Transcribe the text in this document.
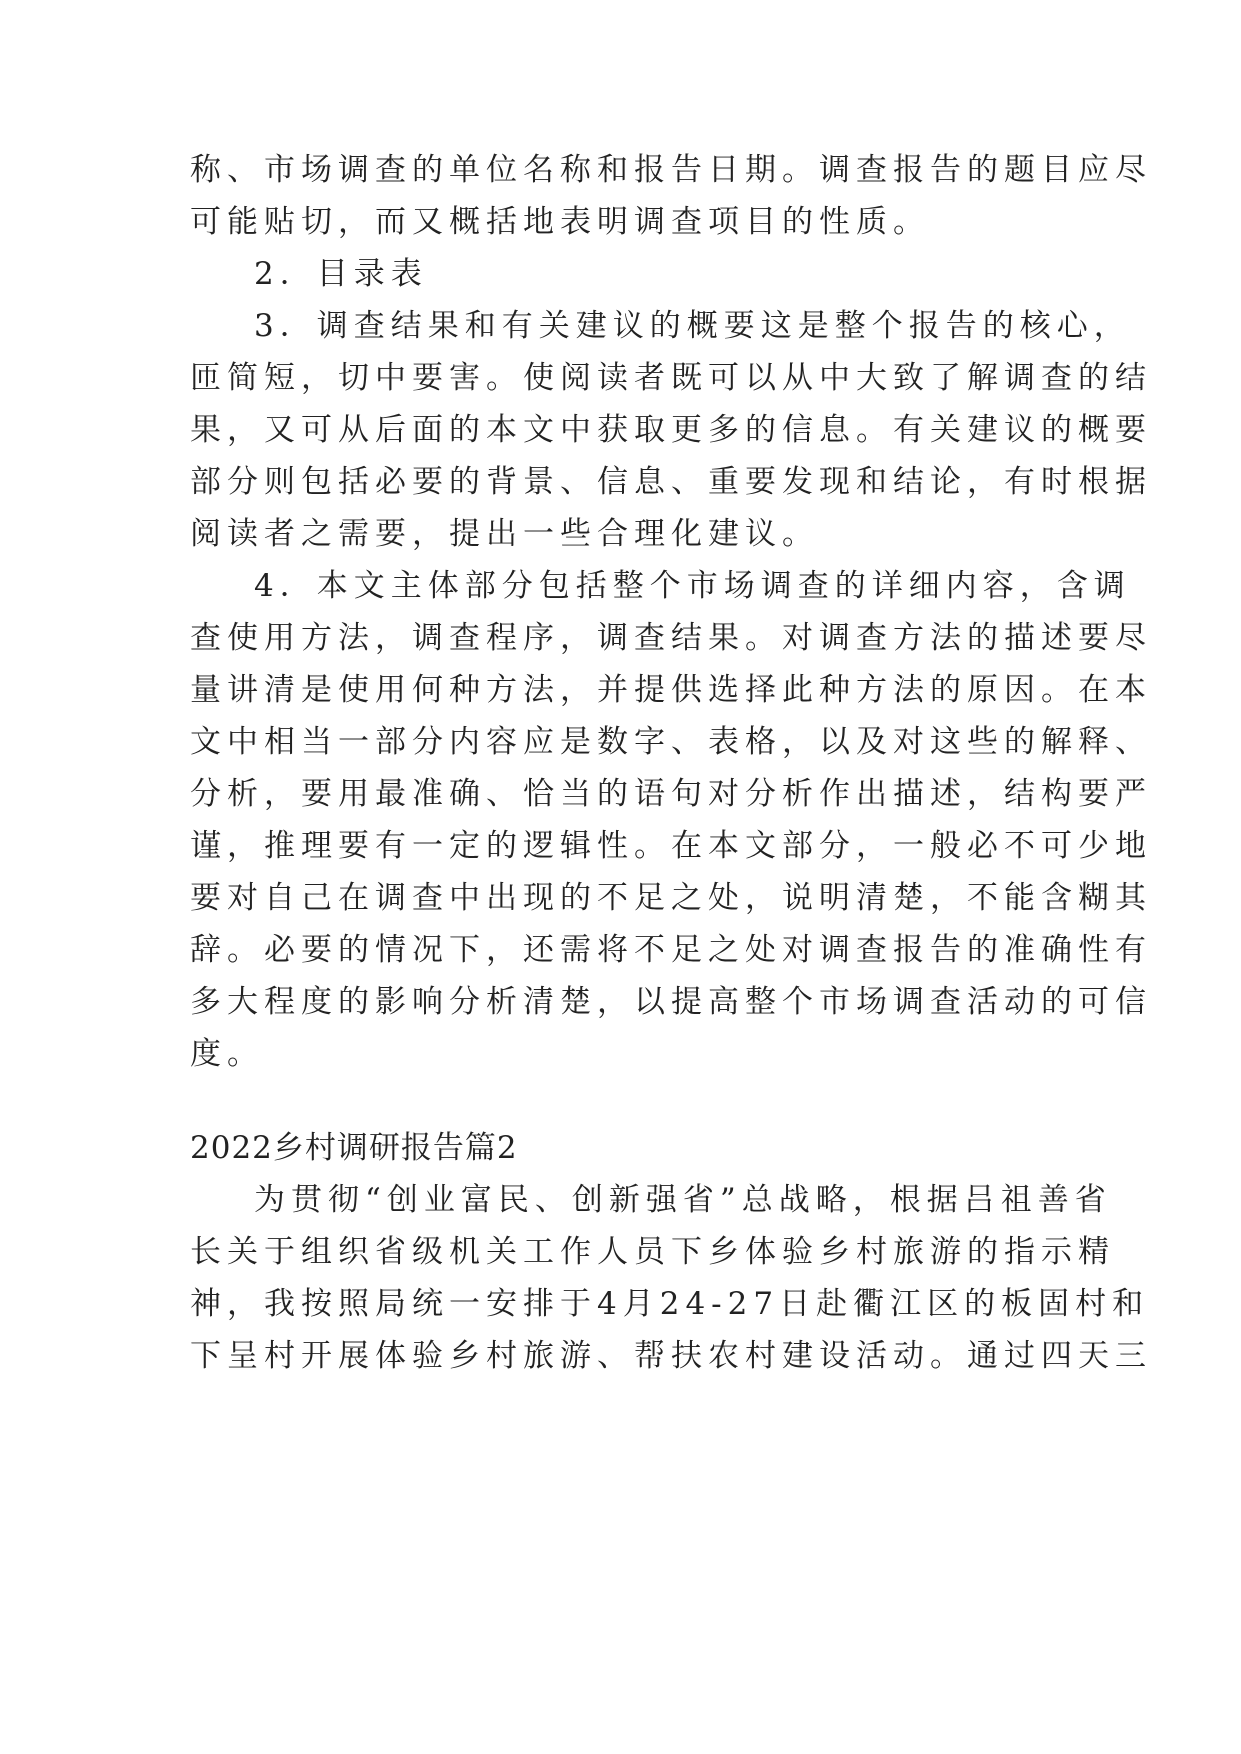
称、市场调查的单位名称和报告日期。调查报告的题目应尽
可能贴切，而又概括地表明调查项目的性质。
2．目录表
3．调查结果和有关建议的概要这是整个报告的核心，
匝简短，切中要害。使阅读者既可以从中大致了解调查的结
果，又可从后面的本文中获取更多的信息。有关建议的概要
部分则包括必要的背景、信息、重要发现和结论，有时根据
阅读者之需要，提出一些合理化建议。
4．本文主体部分包括整个市场调查的详细内容，含调
查使用方法，调查程序，调查结果。对调查方法的描述要尽
量讲清是使用何种方法，并提供选择此种方法的原因。在本
文中相当一部分内容应是数字、表格，以及对这些的解释、
分析，要用最准确、恰当的语句对分析作出描述，结构要严
谨，推理要有一定的逻辑性。在本文部分，一般必不可少地
要对自己在调查中出现的不足之处，说明清楚，不能含糊其
辞。必要的情况下，还需将不足之处对调查报告的准确性有
多大程度的影响分析清楚，以提高整个市场调查活动的可信
度。
2022乡村调研报告篇2
为贯彻“创业富民、创新强省”总战略，根据吕祖善省
长关于组织省级机关工作人员下乡体验乡村旅游的指示精
神，我按照局统一安排于4月24-27日赴衢江区的板固村和
下呈村开展体验乡村旅游、帮扶农村建设活动。通过四天三
